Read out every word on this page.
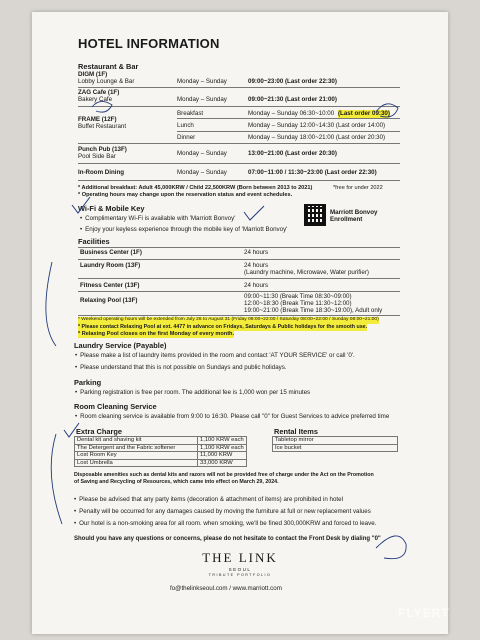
HOTEL INFORMATION
Restaurant & Bar
DIGM (1F)
Lobby Lounge & Bar	Monday – Sunday	09:00~23:00 (Last order 22:30)
ZAG Cafe (1F)
Bakery Cafe	Monday – Sunday	09:00~21:30 (Last order 21:00)
Breakfast	Monday – Sunday 06:30~10:00 (Last order 09:30)
FRAME (12F)
Buffet Restaurant	Lunch	Monday – Sunday 12:00~14:30 (Last order 14:00)
Dinner	Monday – Sunday 18:00~21:00 (Last order 20:30)
Punch Pub (13F)
Pool Side Bar	Monday – Sunday	13:00~21:00 (Last order 20:30)
In-Room Dining	Monday – Sunday	07:00~11:00 / 11:30~23:00 (Last order 22:30)
* Additional breakfast: Adult 45,000KRW / Child 22,500KRW (Born between 2013 to 2021)	*free for under 2022
* Operating hours may change upon the reservation status and event schedules.
Wi-Fi & Mobile Key
• Complimentary Wi-Fi is available with 'Marriott Bonvoy'
• Enjoy your keyless experience through the mobile key of 'Marriott Bonvoy'
Marriott Bonvoy
Enrollment
Facilities
Business Center (1F)	24 hours
Laundry Room (13F)	24 hours
(Laundry machine, Microwave, Water purifier)
Fitness Center (13F)	24 hours
Relaxing Pool (13F)
09:00~11:30 (Break Time 08:30~09:00)
12:00~18:30 (Break Time 11:30~12:00)
19:00~21:00 (Break Time 18:30~19:00), Adult only
* Weekend operating hours will be extended from July 26 to August 31 (Friday 09:00~22:00 / Saturday 08:00~22:00 / Sunday 08:00~21:00)
* Please contact Relaxing Pool at ext. 4477 in advance on Fridays, Saturdays & Public holidays for the smooth use.
* Relaxing Pool closes on the first Monday of every month.
Laundry Service (Payable)
• Please make a list of laundry items provided in the room and contact 'AT YOUR SERVICE' or call '0'.
• Please understand that this is not possible on Sundays and public holidays.
Parking
• Parking registration is free per room. The additional fee is 1,000 won per 15 minutes
Room Cleaning Service
• Room cleaning service is available from 9:00 to 16:30. Please call "0" for Guest Services to advice preferred time
Extra Charge
Dental kit and shaving kit	1,100 KRW each
The Detergent and the Fabric softener	1,100 KRW each
Lost Room Key	11,000 KRW
Lost Umbrella	33,000 KRW
Rental Items
Tabletop mirror
Ice bucket
Disposable amenities such as dental kits and razors will not be provided free of charge under the Act on the Promotion
of Saving and Recycling of Resources, which came into effect on March 29, 2024.
• Please be advised that any party items (decoration & attachment of items) are prohibited in hotel
• Penalty will be occurred for any damages caused by moving the furniture at full or new replacement values
• Our hotel is a non-smoking area for all room. when smoking, we'll be fined 300,000KRW and forced to leave.
Should you have any questions or concerns, please do not hesitate to contact the Front Desk by dialing "0"
THE LINK
SEOUL
TRIBUTE PORTFOLIO
fo@thelinkseoul.com / www.marriott.com
FLYERT
